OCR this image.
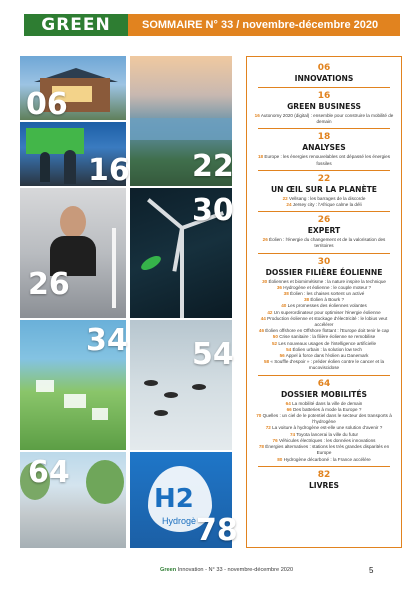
GREEN	SOMMAIRE N° 33 / novembre-décembre 2020
06
16 22
26
30
34 54
64
H2
Hydrogè 78
06
INNOVATIONS
16
GREEN BUSINESS
16 Autonomy 2020 (digital) : ensemble pour construire la mobilité de demain
18
ANALYSES
18 Europe : les énergies renouvelables ont dépassé les énergies fossiles
22
UN ŒIL SUR LA PLANÈTE
22 Vellsang : les barrages de la discorde
24 Jersey city : l'Afrique calme la déli
26
EXPERT
26 Éolien : l'énergie du changement et de la valorisation des territoires
30
DOSSIER FILIÈRE ÉOLIENNE
30 Éoliennes et biomimétisme : la nature inspire la technique
36 Hydrogène et éolienne : le couple moteur ?
38 Éolien : les chaises sortent un activé
38 Éolien à Bourk ?
40 Les promesses des éoliennes volantes
42 Un superordinateur pour optimiser l'énergie éolienne
44 Production éolienne et stockage d'électricité : le lobius veut accélérer
46 Éolien offshore en Offshore flottant : l'Europe doit tenir le cap
50 Crise sanitaire : la filière éolienne se remobilise
52 Les nouveaux usages de l'intelligence artificielle
54 Éolien urbain : la solution low tech
56 Appel à force dans l'éolien au Danemark
58 « Souffle d'espoir » : préder éolien contre le cancer et la mucoviscidose
64
DOSSIER MOBILITÉS
64 La mobilité dans la ville de demain
66 Des batteries à mode la Europe ?
70 Quelles : un ciel de le potentiel dans le secteur des transports à l'hydrogène
72 La voiture à hydrogène est-elle une solution d'avenir ?
74 Toyota lancerai la ville du futur
76 Véhicules électriques : les données innovations
78 Énergies alternatives : stations les très grandes disparités en Europe
80 Hydrogène décarboné : la France accélère
82
LIVRES
Green Innovation - N° 33 - novembre-décembre 2020	5
